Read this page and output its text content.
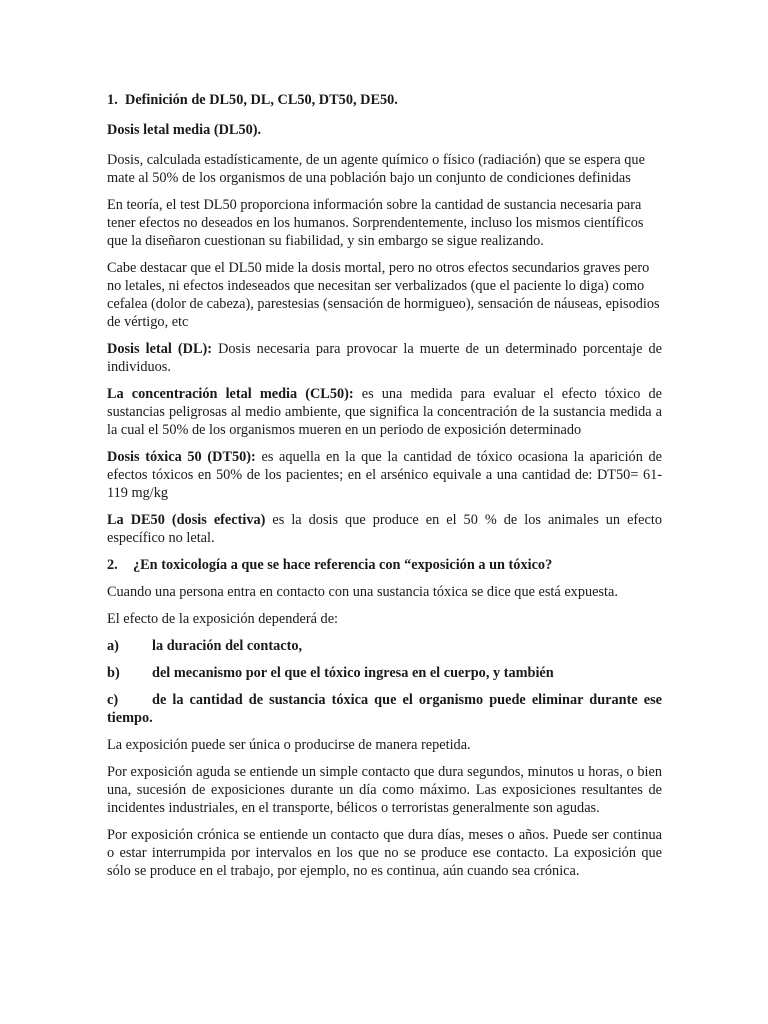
1. Definición de DL50, DL, CL50, DT50, DE50.

Dosis letal media (DL50).

Dosis, calculada estadísticamente, de un agente químico o físico (radiación) que se espera que mate al 50% de los organismos de una población bajo un conjunto de condiciones definidas

En teoría, el test DL50 proporciona información sobre la cantidad de sustancia necesaria para tener efectos no deseados en los humanos. Sorprendentemente, incluso los mismos científicos que la diseñaron cuestionan su fiabilidad, y sin embargo se sigue realizando.

Cabe destacar que el DL50 mide la dosis mortal, pero no otros efectos secundarios graves pero no letales, ni efectos indeseados que necesitan ser verbalizados (que el paciente lo diga) como cefalea (dolor de cabeza), parestesias (sensación de hormigueo), sensación de náuseas, episodios de vértigo, etc

Dosis letal (DL): Dosis necesaria para provocar la muerte de un determinado porcentaje de individuos.

La concentración letal media (CL50): es una medida para evaluar el efecto tóxico de sustancias peligrosas al medio ambiente, que significa la concentración de la sustancia medida a la cual el 50% de los organismos mueren en un periodo de exposición determinado

Dosis tóxica 50 (DT50): es aquella en la que la cantidad de tóxico ocasiona la aparición de efectos tóxicos en 50% de los pacientes; en el arsénico equivale a una cantidad de: DT50= 61-119 mg/kg

La DE50 (dosis efectiva) es la dosis que produce en el 50 % de los animales un efecto específico no letal.

2.	¿En toxicología a que se hace referencia con “exposición a un tóxico?

Cuando una persona entra en contacto con una sustancia tóxica se dice que está expuesta.

El efecto de la exposición dependerá de:

a)	la duración del contacto,

b)	del mecanismo por el que el tóxico ingresa en el cuerpo, y también

c) de la cantidad de sustancia tóxica que el organismo puede eliminar durante ese tiempo.

La exposición puede ser única o producirse de manera repetida.

Por exposición aguda se entiende un simple contacto que dura segundos, minutos u horas, o bien una, sucesión de exposiciones durante un día como máximo. Las exposiciones resultantes de incidentes industriales, en el transporte, bélicos o terroristas generalmente son agudas.

Por exposición crónica se entiende un contacto que dura días, meses o años. Puede ser continua o estar interrumpida por intervalos en los que no se produce ese contacto. La exposición que sólo se produce en el trabajo, por ejemplo, no es continua, aún cuando sea crónica.
